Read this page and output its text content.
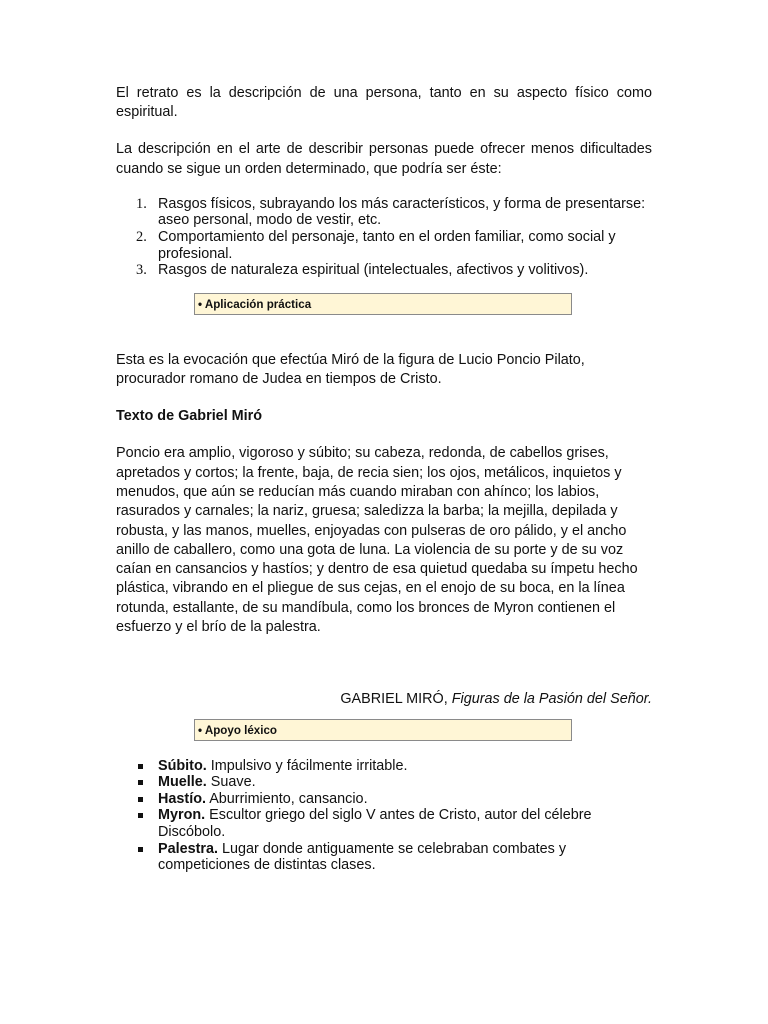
El retrato es la descripción de una persona, tanto en su aspecto físico como espiritual.

La descripción en el arte de describir personas puede ofrecer menos dificultades cuando se sigue un orden determinado, que podría ser éste:

1. Rasgos físicos, subrayando los más característicos, y forma de presentarse: aseo personal, modo de vestir, etc.
2. Comportamiento del personaje, tanto en el orden familiar, como social y profesional.
3. Rasgos de naturaleza espiritual (intelectuales, afectivos y volitivos).
• Aplicación práctica

Esta es la evocación que efectúa Miró de la figura de Lucio Poncio Pilato, procurador romano de Judea en tiempos de Cristo.

Texto de Gabriel Miró

Poncio era amplio, vigoroso y súbito; su cabeza, redonda, de cabellos grises, apretados y cortos; la frente, baja, de recia sien; los ojos, metálicos, inquietos y menudos, que aún se reducían más cuando miraban con ahínco; los labios, rasurados y carnales; la nariz, gruesa; saledizza la barba; la mejilla, depilada y robusta, y las manos, muelles, enjoyadas con pulseras de oro pálido, y el ancho anillo de caballero, como una gota de luna. La violencia de su porte y de su voz caían en cansancios y hastíos; y dentro de esa quietud quedaba su ímpetu hecho plástica, vibrando en el pliegue de sus cejas, en el enojo de su boca, en la línea rotunda, estallante, de su mandíbula, como los bronces de Myron contienen el esfuerzo y el brío de la palestra.

GABRIEL MIRÓ, Figuras de la Pasión del Señor.

• Apoyo léxico
Súbito. Impulsivo y fácilmente irritable.
Muelle. Suave.
Hastío. Aburrimiento, cansancio.
Myron. Escultor griego del siglo V antes de Cristo, autor del célebre Discóbolo.
Palestra. Lugar donde antiguamente se celebraban combates y competiciones de distintas clases.
